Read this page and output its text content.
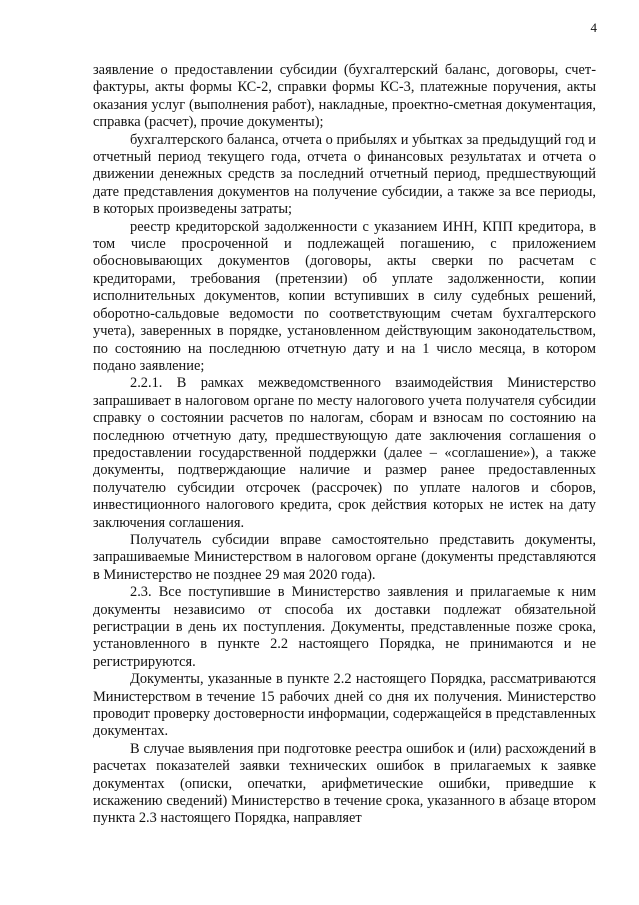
4

заявление о предоставлении субсидии (бухгалтерский баланс, договоры, счет-фактуры, акты формы КС-2, справки формы КС-3, платежные поручения, акты оказания услуг (выполнения работ), накладные, проектно-сметная документация, справка (расчет), прочие документы);

бухгалтерского баланса, отчета о прибылях и убытках за предыдущий год и отчетный период текущего года, отчета о финансовых результатах и отчета о движении денежных средств за последний отчетный период, предшествующий дате представления документов на получение субсидии, а также за все периоды, в которых произведены затраты;

реестр кредиторской задолженности с указанием ИНН, КПП кредитора, в том числе просроченной и подлежащей погашению, с приложением обосновывающих документов (договоры, акты сверки по расчетам с кредиторами, требования (претензии) об уплате задолженности, копии исполнительных документов, копии вступивших в силу судебных решений, оборотно-сальдовые ведомости по соответствующим счетам бухгалтерского учета), заверенных в порядке, установленном действующим законодательством, по состоянию на последнюю отчетную дату и на 1 число месяца, в котором подано заявление;

2.2.1. В рамках межведомственного взаимодействия Министерство запрашивает в налоговом органе по месту налогового учета получателя субсидии справку о состоянии расчетов по налогам, сборам и взносам по состоянию на последнюю отчетную дату, предшествующую дате заключения соглашения о предоставлении государственной поддержки (далее – «соглашение»), а также документы, подтверждающие наличие и размер ранее предоставленных получателю субсидии отсрочек (рассрочек) по уплате налогов и сборов, инвестиционного налогового кредита, срок действия которых не истек на дату заключения соглашения.

Получатель субсидии вправе самостоятельно представить документы, запрашиваемые Министерством в налоговом органе (документы представляются в Министерство не позднее 29 мая 2020 года).

2.3. Все поступившие в Министерство заявления и прилагаемые к ним документы независимо от способа их доставки подлежат обязательной регистрации в день их поступления. Документы, представленные позже срока, установленного в пункте 2.2 настоящего Порядка, не принимаются и не регистрируются.

Документы, указанные в пункте 2.2 настоящего Порядка, рассматриваются Министерством в течение 15 рабочих дней со дня их получения. Министерство проводит проверку достоверности информации, содержащейся в представленных документах.

В случае выявления при подготовке реестра ошибок и (или) расхождений в расчетах показателей заявки технических ошибок в прилагаемых к заявке документах (описки, опечатки, арифметические ошибки, приведшие к искажению сведений) Министерство в течение срока, указанного в абзаце втором пункта 2.3 настоящего Порядка, направляет
